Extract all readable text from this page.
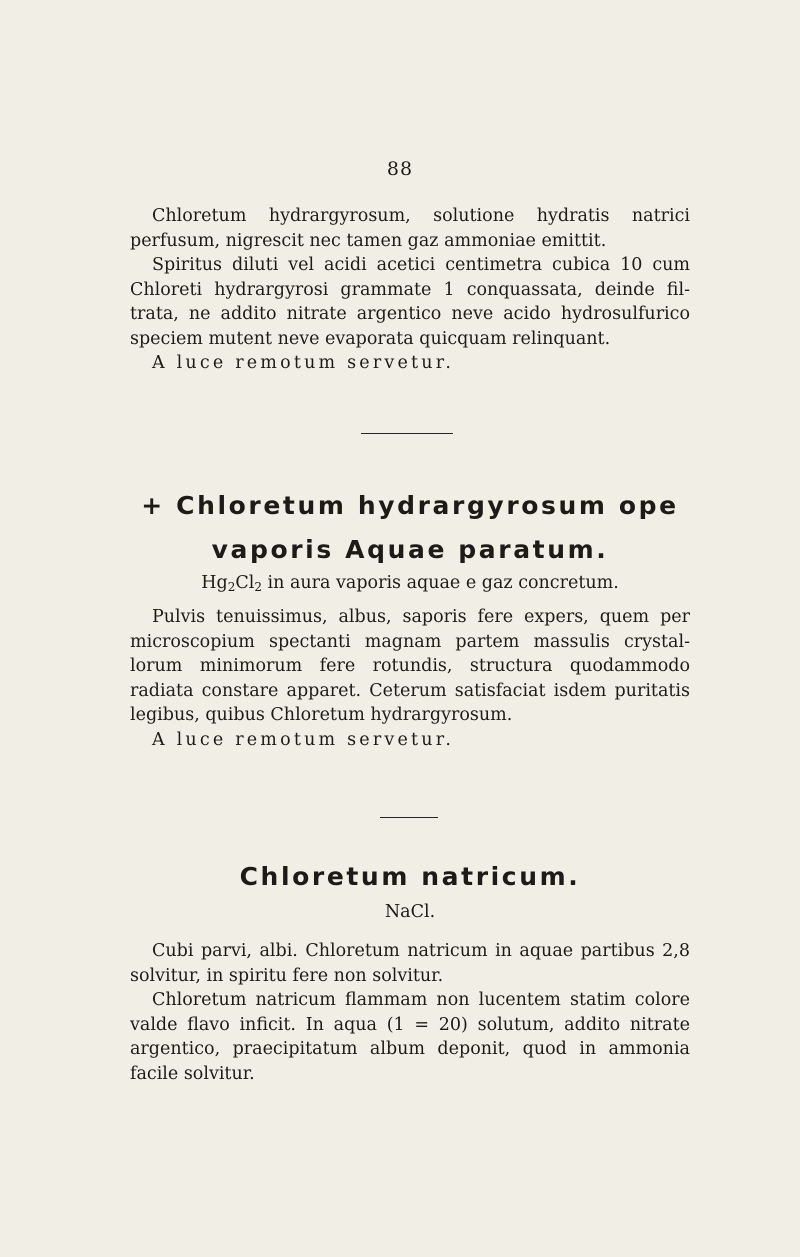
88

Chloretum hydrargyrosum, solutione hydratis natrici perfusum, nigrescit nec tamen gaz ammoniae emittit.

Spiritus diluti vel acidi acetici centimetra cubica 10 cum Chloreti hydrargyrosi grammate 1 conquassata, deinde filtrata, ne addito nitrate argentico neve acido hydrosulfurico speciem mutent neve evaporata quicquam relinquant.

A luce remotum servetur.

+ Chloretum hydrargyrosum ope
vaporis Aquae paratum.
$Hg_2Cl_2$ in aura vaporis aquae e gaz concretum.

Pulvis tenuissimus, albus, saporis fere expers, quem per microscopium spectanti magnam partem massulis crystallorum minimorum fere rotundis, structura quodammodo radiata constare apparet. Ceterum satisfaciat isdem puritatis legibus, quibus Chloretum hydrargyrosum.

A luce remotum servetur.

Chloretum natricum.
NaCl.

Cubi parvi, albi. Chloretum natricum in aquae partibus 2,8 solvitur, in spiritu fere non solvitur.

Chloretum natricum flammam non lucentem statim colore valde flavo inficit. In aqua (1 = 20) solutum, addito nitrate argentico, praecipitatum album deponit, quod in ammonia facile solvitur.
